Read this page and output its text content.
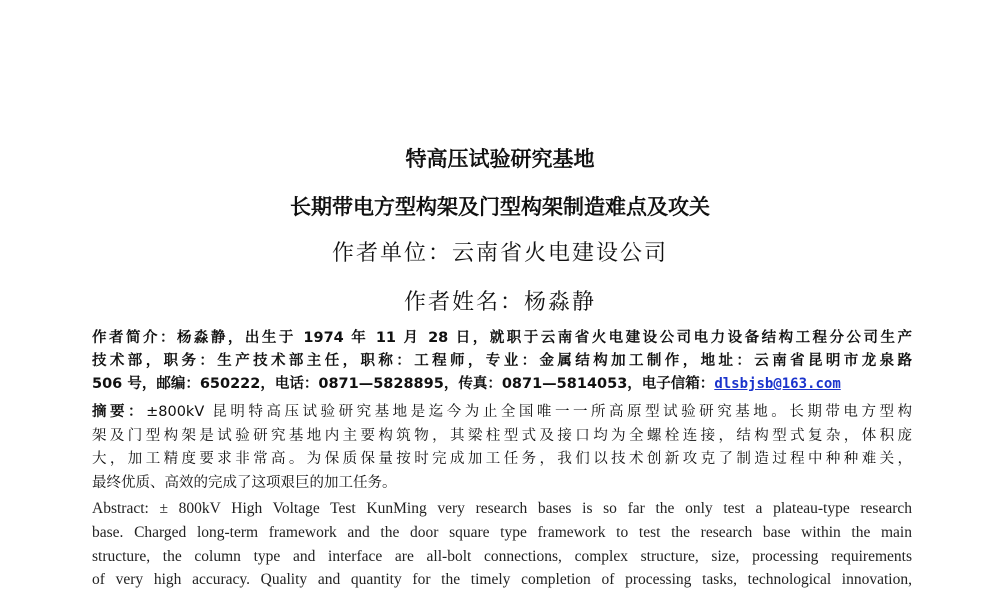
特高压试验研究基地
长期带电方型构架及门型构架制造难点及攻关
作者单位：云南省火电建设公司
作者姓名：杨淼静
作者简介：杨淼静，出生于 1974 年 11 月 28 日，就职于云南省火电建设公司电力设备结构工程分公司生产
技术部，职务：生产技术部主任，职称：工程师，专业：金属结构加工制作，地址：云南省昆明市龙泉路
506 号，邮编：650222，电话：0871—5828895，传真：0871—5814053，电子信箱：dlsbjsb@163.com
摘要：±800kV 昆明特高压试验研究基地是迄今为止全国唯一一所高原型试验研究基地。长期带电方型构
架及门型构架是试验研究基地内主要构筑物，其梁柱型式及接口均为全螺栓连接，结构型式复杂，体积庞
大，加工精度要求非常高。为保质保量按时完成加工任务，我们以技术创新攻克了制造过程中种种难关，
最终优质、高效的完成了这项艰巨的加工任务。
Abstract: ± 800kV High Voltage Test KunMing very research bases is so far the only test a plateau-type research
base. Charged long-term framework and the door square type framework to test the research base within the main
structure, the column type and interface are all-bolt connections, complex structure, size, processing requirements
of very high accuracy. Quality and quantity for the timely completion of processing tasks, technological innovation,
